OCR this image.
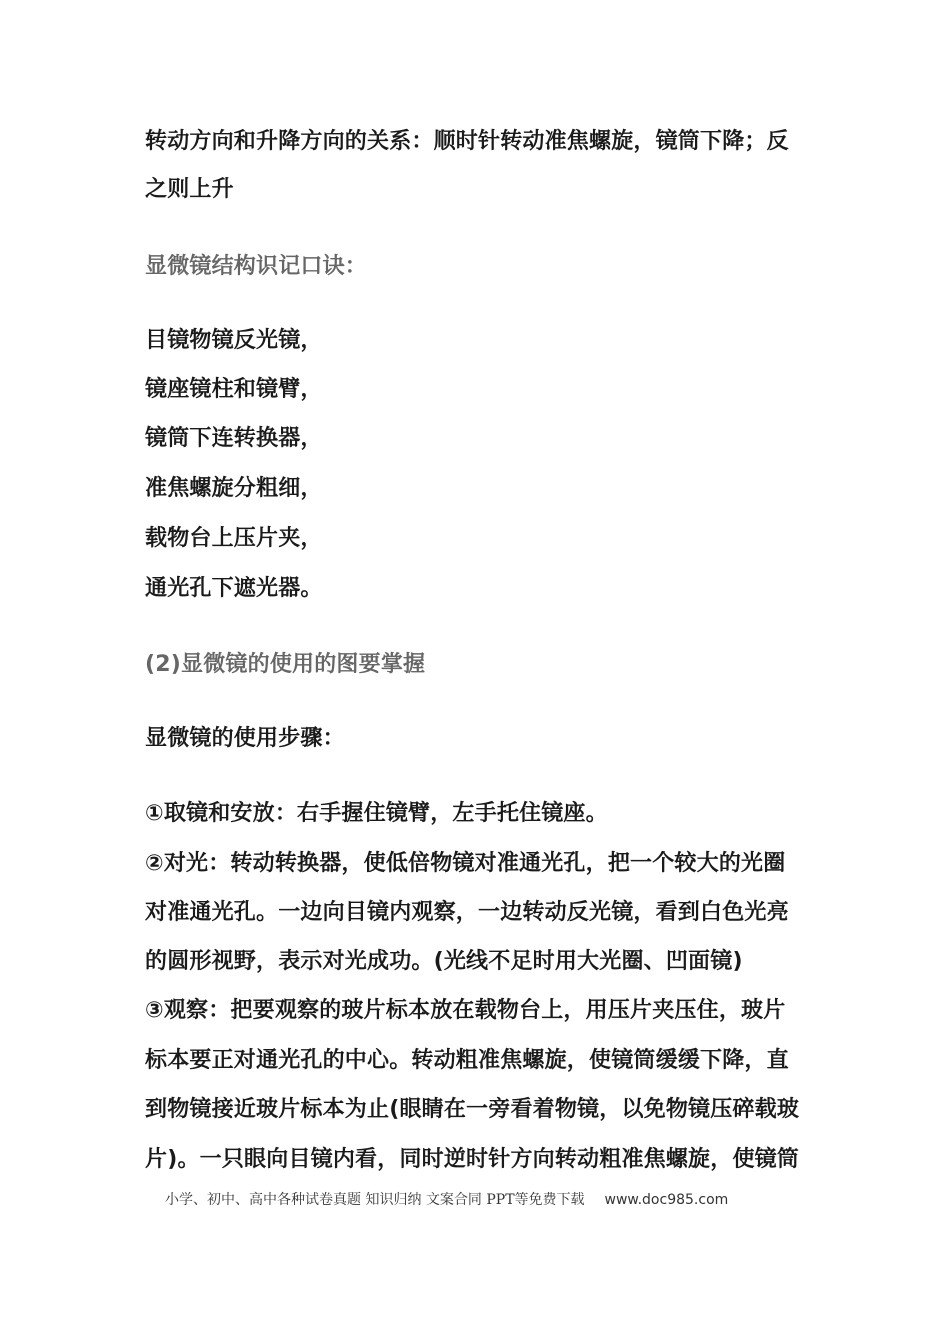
转动方向和升降方向的关系：顺时针转动准焦螺旋，镜筒下降；反
之则上升
显微镜结构识记口诀：
目镜物镜反光镜，
镜座镜柱和镜臂，
镜筒下连转换器，
准焦螺旋分粗细，
载物台上压片夹，
通光孔下遮光器。
(2)显微镜的使用的图要掌握
显微镜的使用步骤：
①取镜和安放：右手握住镜臂，左手托住镜座。
②对光：转动转换器，使低倍物镜对准通光孔，把一个较大的光圈
对准通光孔。一边向目镜内观察，一边转动反光镜，看到白色光亮
的圆形视野，表示对光成功。(光线不足时用大光圈、凹面镜)
③观察：把要观察的玻片标本放在载物台上，用压片夹压住，玻片
标本要正对通光孔的中心。转动粗准焦螺旋，使镜筒缓缓下降，直
到物镜接近玻片标本为止(眼睛在一旁看着物镜，以免物镜压碎载玻
片)。一只眼向目镜内看，同时逆时针方向转动粗准焦螺旋，使镜筒
小学、初中、高中各种试卷真题 知识归纳 文案合同 PPT等免费下载 www.doc985.com
